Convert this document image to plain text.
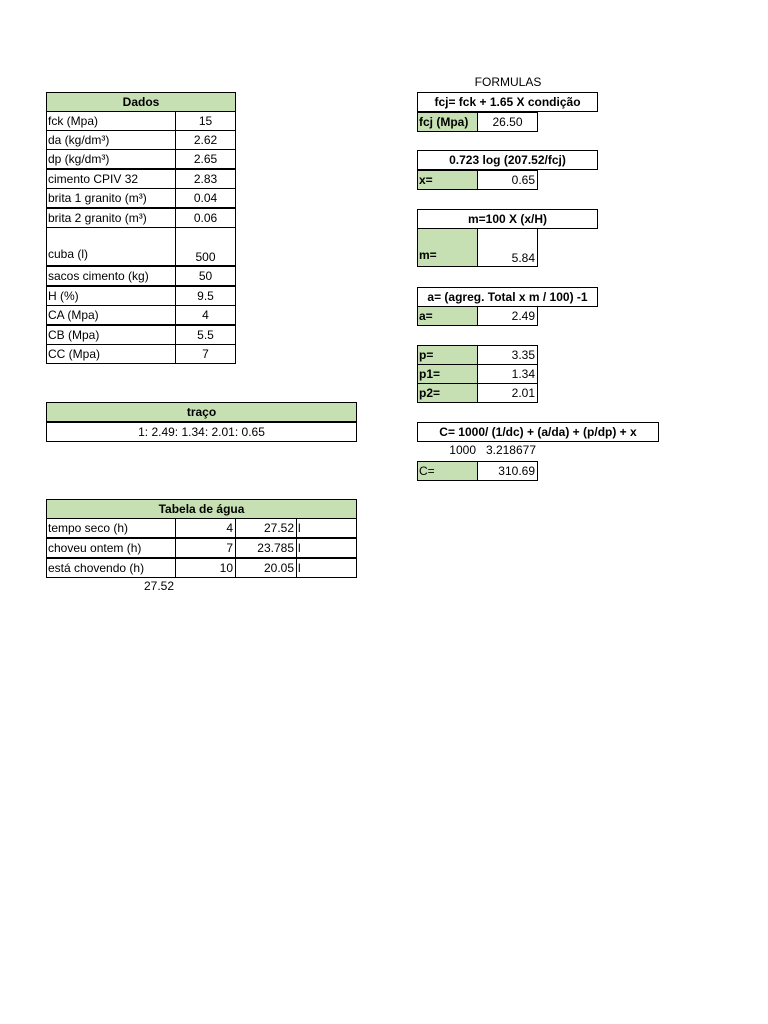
FORMULAS
Dados
fck (Mpa)	15
da (kg/dm³)	2.62
dp (kg/dm³)	2.65
cimento CPIV 32	2.83
brita 1 granito (m³)	0.04
brita 2 granito (m³)	0.06
cuba (l)	500
sacos cimento (kg)	50
H (%)	9.5
CA (Mpa)	4
CB (Mpa)	5.5
CC (Mpa)	7
traço
1: 2.49: 1.34: 2.01: 0.65
Tabela de água
tempo seco (h)	4	27.52 l
choveu ontem (h)	7	23.785 l
está chovendo (h)	10	20.05 l
27.52
fcj= fck + 1.65 X condição
fcj (Mpa)	26.50
0.723 log (207.52/fcj)
x=	0.65
m=100 X (x/H)
m=	5.84
a= (agreg. Total x m / 100) -1
a=	2.49
p=	3.35
p1=	1.34
p2=	2.01
C= 1000/ (1/dc) + (a/da) + (p/dp) + x
1000 3.218677
C=	310.69
